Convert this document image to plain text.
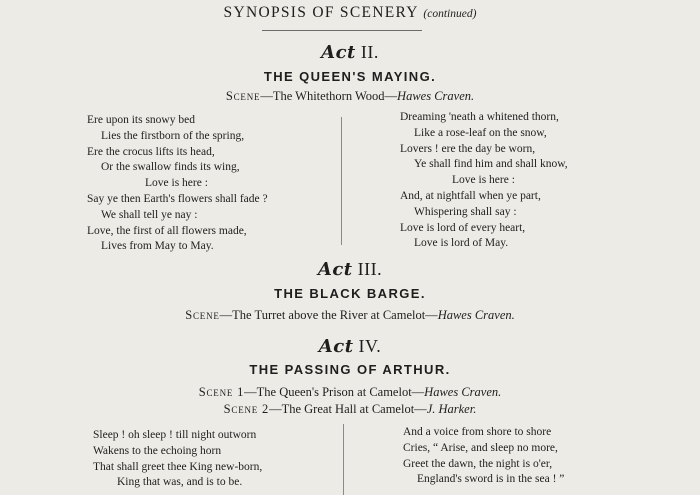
SYNOPSIS OF SCENERY (continued)
Act II.
THE QUEEN'S MAYING.
Scene—The Whitethorn Wood—Hawes Craven.
Ere upon its snowy bed
Lies the firstborn of the spring,
Ere the crocus lifts its head,
Or the swallow finds its wing,
Love is here :
Say ye then Earth's flowers shall fade ?
We shall tell ye nay :
Love, the first of all flowers made,
Lives from May to May.
Dreaming 'neath a whitened thorn,
Like a rose-leaf on the snow,
Lovers ! ere the day be worn,
Ye shall find him and shall know,
Love is here :
And, at nightfall when ye part,
Whispering shall say :
Love is lord of every heart,
Love is lord of May.
Act III.
THE BLACK BARGE.
Scene—The Turret above the River at Camelot—Hawes Craven.
Act IV.
THE PASSING OF ARTHUR.
Scene 1—The Queen's Prison at Camelot—Hawes Craven.
Scene 2—The Great Hall at Camelot—J. Harker.
Sleep ! oh sleep ! till night outworn
Wakens to the echoing horn
That shall greet thee King new-born,
King that was, and is to be.
And a voice from shore to shore
Cries, “ Arise, and sleep no more,
Greet the dawn, the night is o'er,
England's sword is in the sea ! ”
